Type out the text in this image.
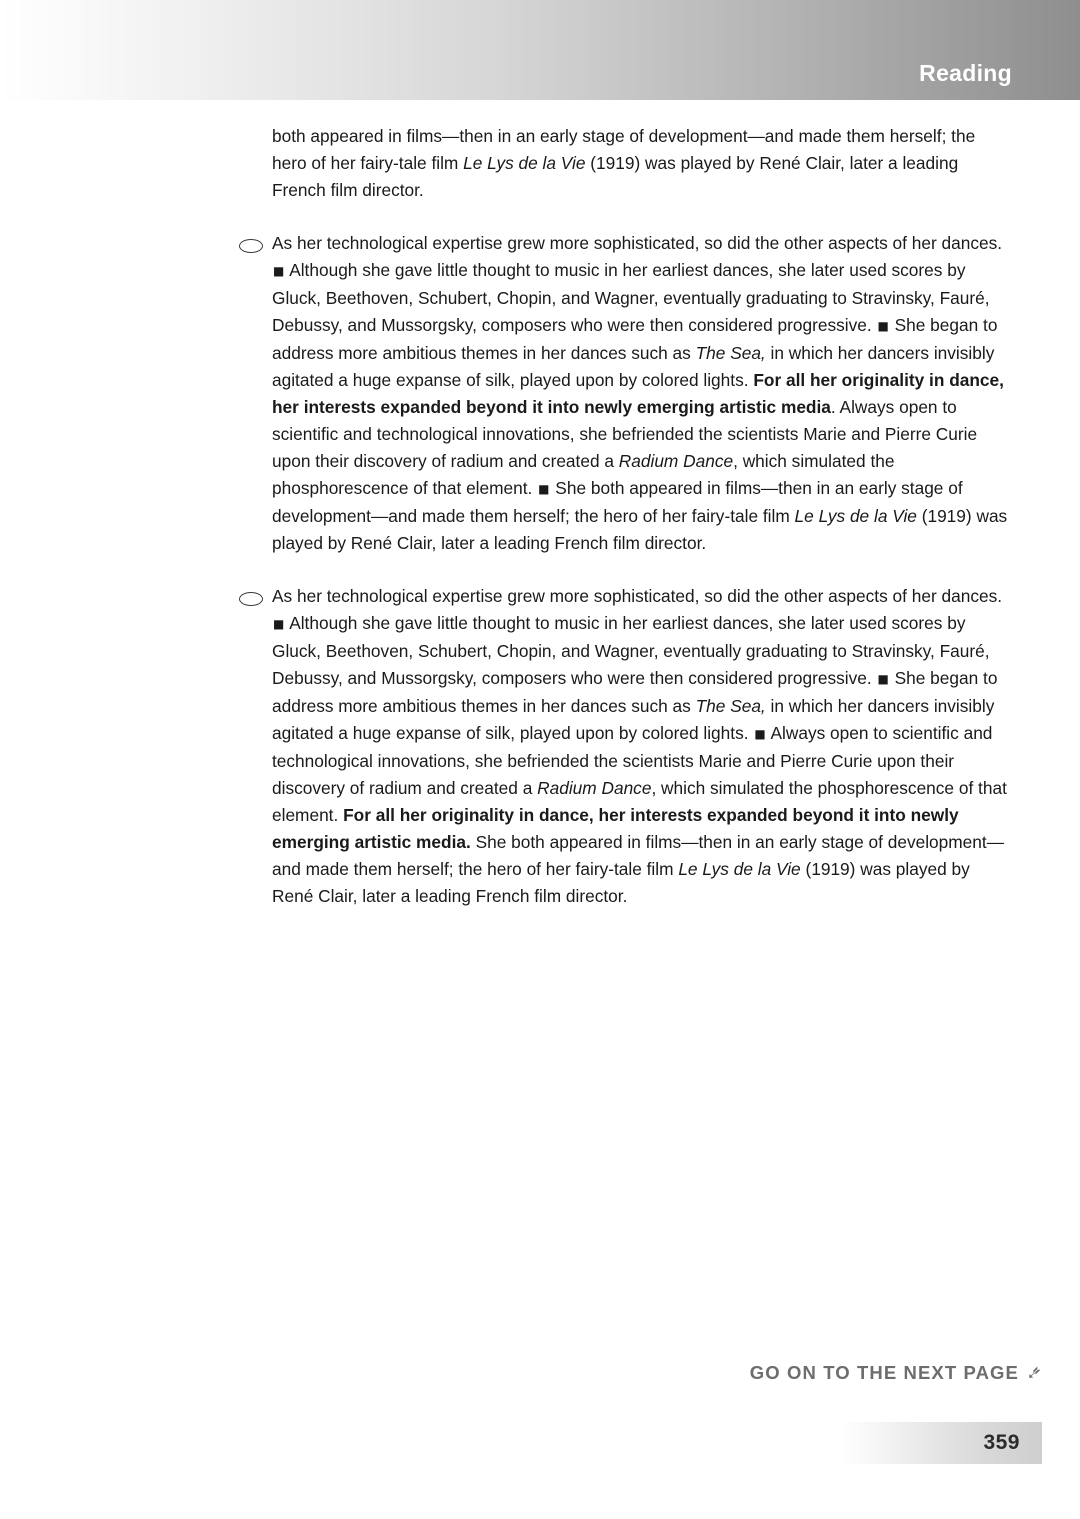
Reading

both appeared in films—then in an early stage of development—and made them herself; the hero of her fairy-tale film Le Lys de la Vie (1919) was played by René Clair, later a leading French film director.

As her technological expertise grew more sophisticated, so did the other aspects of her dances. ■ Although she gave little thought to music in her earliest dances, she later used scores by Gluck, Beethoven, Schubert, Chopin, and Wagner, eventually graduating to Stravinsky, Fauré, Debussy, and Mussorgsky, composers who were then considered progressive. ■ She began to address more ambitious themes in her dances such as The Sea, in which her dancers invisibly agitated a huge expanse of silk, played upon by colored lights. For all her originality in dance, her interests expanded beyond it into newly emerging artistic media. Always open to scientific and technological innovations, she befriended the scientists Marie and Pierre Curie upon their discovery of radium and created a Radium Dance, which simulated the phosphorescence of that element. ■ She both appeared in films—then in an early stage of development—and made them herself; the hero of her fairy-tale film Le Lys de la Vie (1919) was played by René Clair, later a leading French film director.

As her technological expertise grew more sophisticated, so did the other aspects of her dances. ■ Although she gave little thought to music in her earliest dances, she later used scores by Gluck, Beethoven, Schubert, Chopin, and Wagner, eventually graduating to Stravinsky, Fauré, Debussy, and Mussorgsky, composers who were then considered progressive. ■ She began to address more ambitious themes in her dances such as The Sea, in which her dancers invisibly agitated a huge expanse of silk, played upon by colored lights. ■ Always open to scientific and technological innovations, she befriended the scientists Marie and Pierre Curie upon their discovery of radium and created a Radium Dance, which simulated the phosphorescence of that element. For all her originality in dance, her interests expanded beyond it into newly emerging artistic media. She both appeared in films—then in an early stage of development—and made them herself; the hero of her fairy-tale film Le Lys de la Vie (1919) was played by René Clair, later a leading French film director.

GO ON TO THE NEXT PAGE ➴
359
